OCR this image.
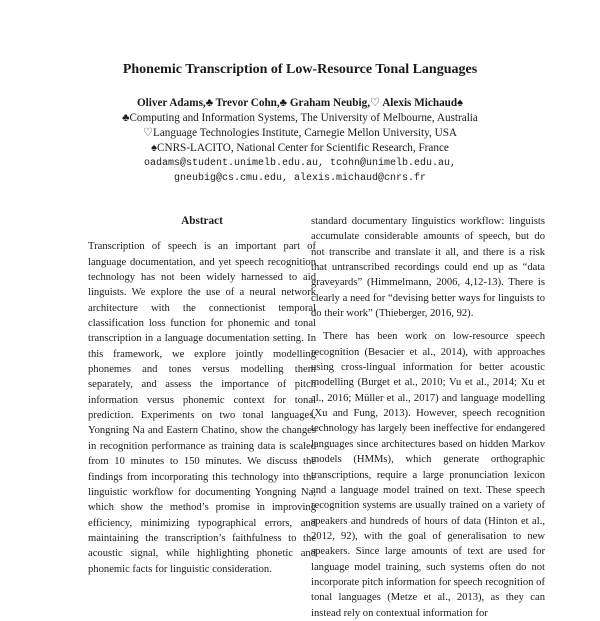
Phonemic Transcription of Low-Resource Tonal Languages
Oliver Adams,♣ Trevor Cohn,♣ Graham Neubig,♡ Alexis Michaud♠
♣Computing and Information Systems, The University of Melbourne, Australia
♡Language Technologies Institute, Carnegie Mellon University, USA
♠CNRS-LACITO, National Center for Scientific Research, France
oadams@student.unimelb.edu.au, tcohn@unimelb.edu.au,
gneubig@cs.cmu.edu, alexis.michaud@cnrs.fr

Abstract

Transcription of speech is an important part of language documentation, and yet speech recognition technology has not been widely harnessed to aid linguists. We explore the use of a neural network architecture with the connectionist temporal classification loss function for phonemic and tonal transcription in a language documentation setting. In this framework, we explore jointly modelling phonemes and tones versus modelling them separately, and assess the importance of pitch information versus phonemic context for tonal prediction. Experiments on two tonal languages, Yongning Na and Eastern Chatino, show the changes in recognition performance as training data is scaled from 10 minutes to 150 minutes. We discuss the findings from incorporating this technology into the linguistic workflow for documenting Yongning Na, which show the method’s promise in improving efficiency, minimizing typographical errors, and maintaining the transcription’s faithfulness to the acoustic signal, while highlighting phonetic and phonemic facts for linguistic consideration.

standard documentary linguistics workflow: linguists accumulate considerable amounts of speech, but do not transcribe and translate it all, and there is a risk that untranscribed recordings could end up as “data graveyards” (Himmelmann, 2006, 4,12-13). There is clearly a need for “devising better ways for linguists to do their work” (Thieberger, 2016, 92).

There has been work on low-resource speech recognition (Besacier et al., 2014), with approaches using cross-lingual information for better acoustic modelling (Burget et al., 2010; Vu et al., 2014; Xu et al., 2016; Müller et al., 2017) and language modelling (Xu and Fung, 2013). However, speech recognition technology has largely been ineffective for endangered languages since architectures based on hidden Markov models (HMMs), which generate orthographic transcriptions, require a large pronunciation lexicon and a language model trained on text. These speech recognition systems are usually trained on a variety of speakers and hundreds of hours of data (Hinton et al., 2012, 92), with the goal of generalisation to new speakers. Since large amounts of text are used for language model training, such systems often do not incorporate pitch information for speech recognition of tonal languages (Metze et al., 2013), as they can instead rely on contextual information for
